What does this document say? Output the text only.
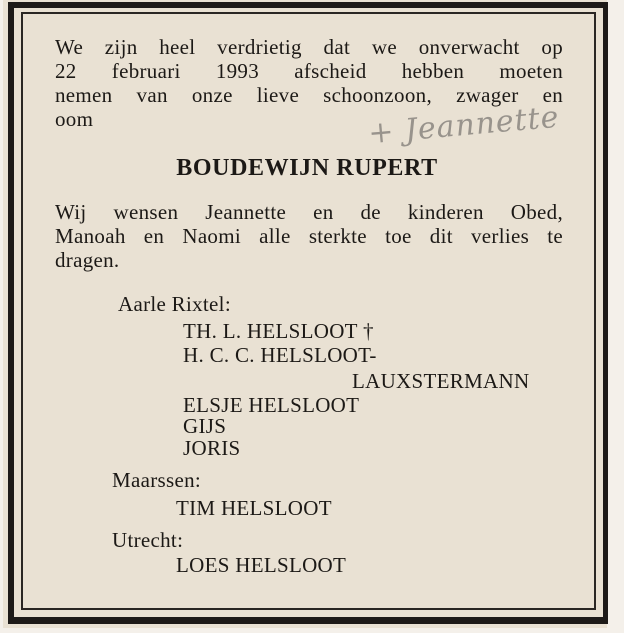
We zijn heel verdrietig dat we onverwacht op
22 februari 1993 afscheid hebben moeten
nemen van onze lieve schoonzoon, zwager en
oom	+ Jeannette
BOUDEWIJN RUPERT
Wij wensen Jeannette en de kinderen Obed,
Manoah en Naomi alle sterkte toe dit verlies te
dragen.
Aarle Rixtel:
TH. L. HELSLOOT †
H. C. C. HELSLOOT-
LAUXSTERMANN
ELSJE HELSLOOT
GIJS
JORIS
Maarssen:
TIM HELSLOOT
Utrecht:
LOES HELSLOOT
